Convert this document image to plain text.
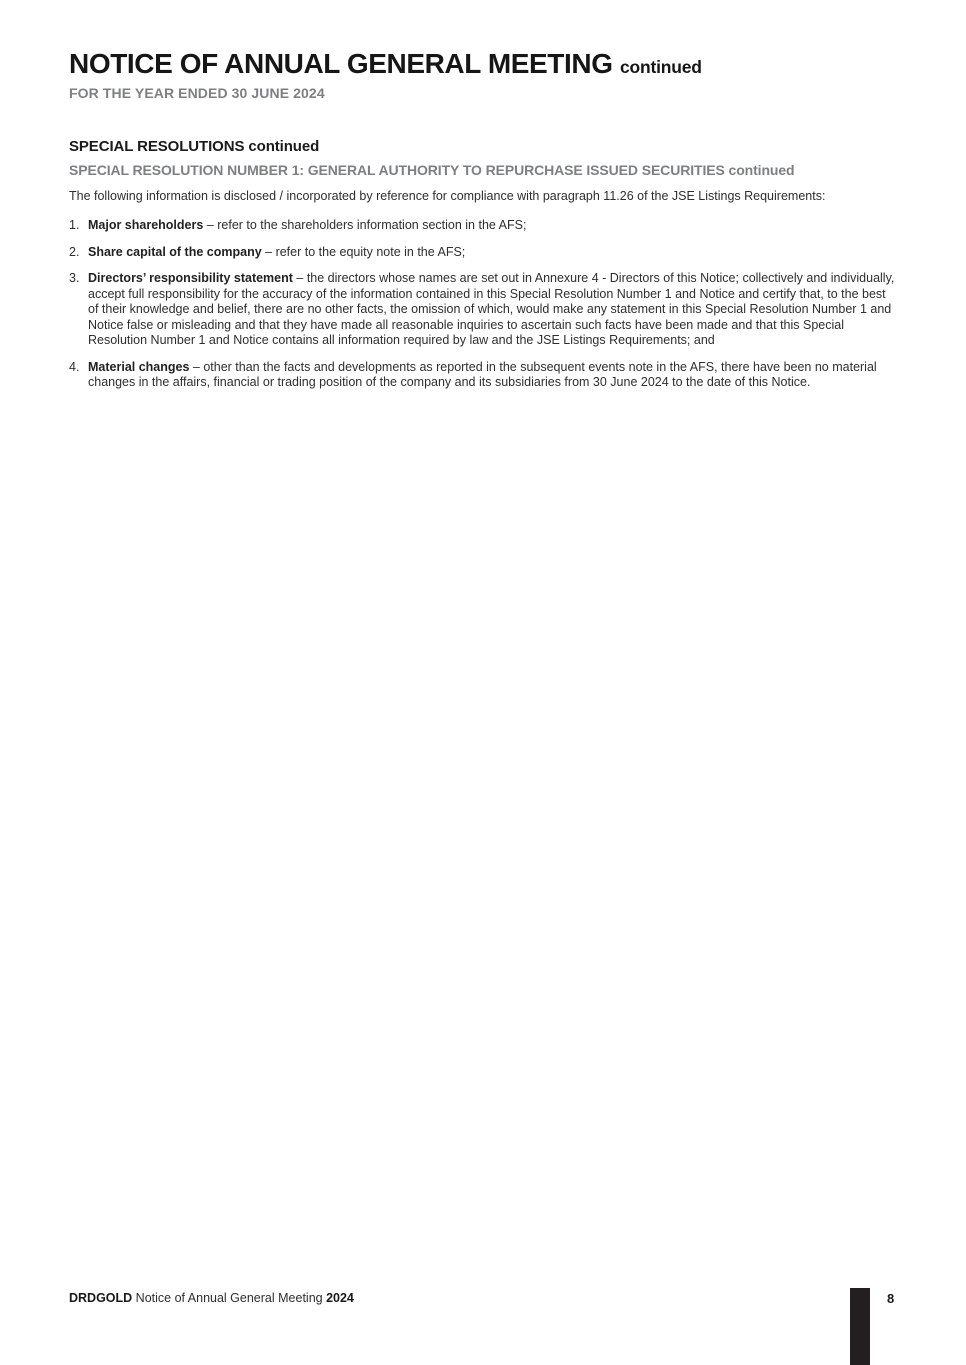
NOTICE OF ANNUAL GENERAL MEETING continued
FOR THE YEAR ENDED 30 JUNE 2024
SPECIAL RESOLUTIONS continued
SPECIAL RESOLUTION NUMBER 1: GENERAL AUTHORITY TO REPURCHASE ISSUED SECURITIES continued

The following information is disclosed / incorporated by reference for compliance with paragraph 11.26 of the JSE Listings Requirements:

1. Major shareholders – refer to the shareholders information section in the AFS;

2. Share capital of the company – refer to the equity note in the AFS;

3. Directors’ responsibility statement – the directors whose names are set out in Annexure 4 - Directors of this Notice; collectively and individually, accept full responsibility for the accuracy of the information contained in this Special Resolution Number 1 and Notice and certify that, to the best of their knowledge and belief, there are no other facts, the omission of which, would make any statement in this Special Resolution Number 1 and Notice false or misleading and that they have made all reasonable inquiries to ascertain such facts have been made and that this Special Resolution Number 1 and Notice contains all information required by law and the JSE Listings Requirements; and

4. Material changes – other than the facts and developments as reported in the subsequent events note in the AFS, there have been no material changes in the affairs, financial or trading position of the company and its subsidiaries from 30 June 2024 to the date of this Notice.

DRDGOLD Notice of Annual General Meeting 2024	8
